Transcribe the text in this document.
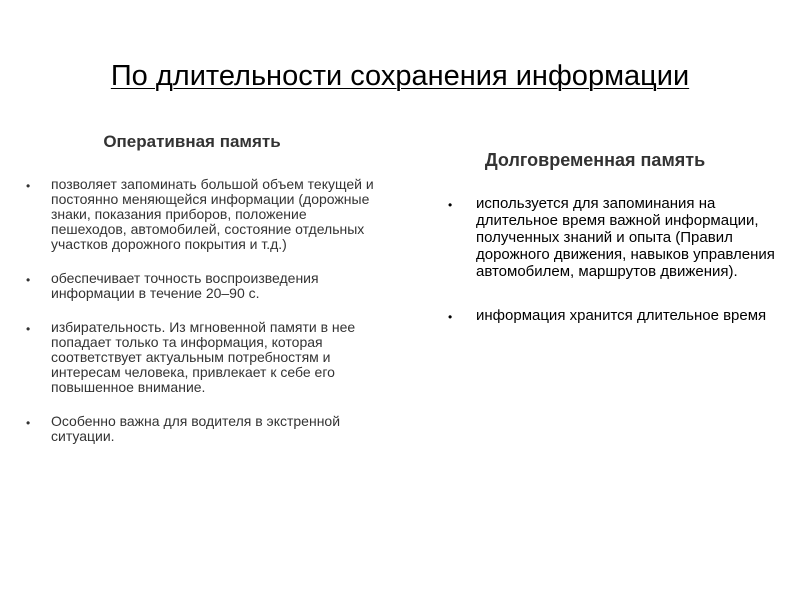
По длительности сохранения информации
Оперативная память
• позволяет запоминать большой объем текущей и постоянно меняющейся информации (дорожные знаки, показания приборов, положение пешеходов, автомобилей, состояние отдельных участков дорожного покрытия и т.д.)
• обеспечивает точность воспроизведения информации в течение 20–90 с.
• избирательность. Из мгновенной памяти в нее попадает только та информация, которая соответствует актуальным потребностям и интересам человека, привлекает к себе его повышенное внимание.
• Особенно важна для водителя в экстренной ситуации.
Долговременная память
• используется для запоминания на длительное время важной информации, полученных знаний и опыта (Правил дорожного движения, навыков управления автомобилем, маршрутов движения).
• информация хранится длительное время
